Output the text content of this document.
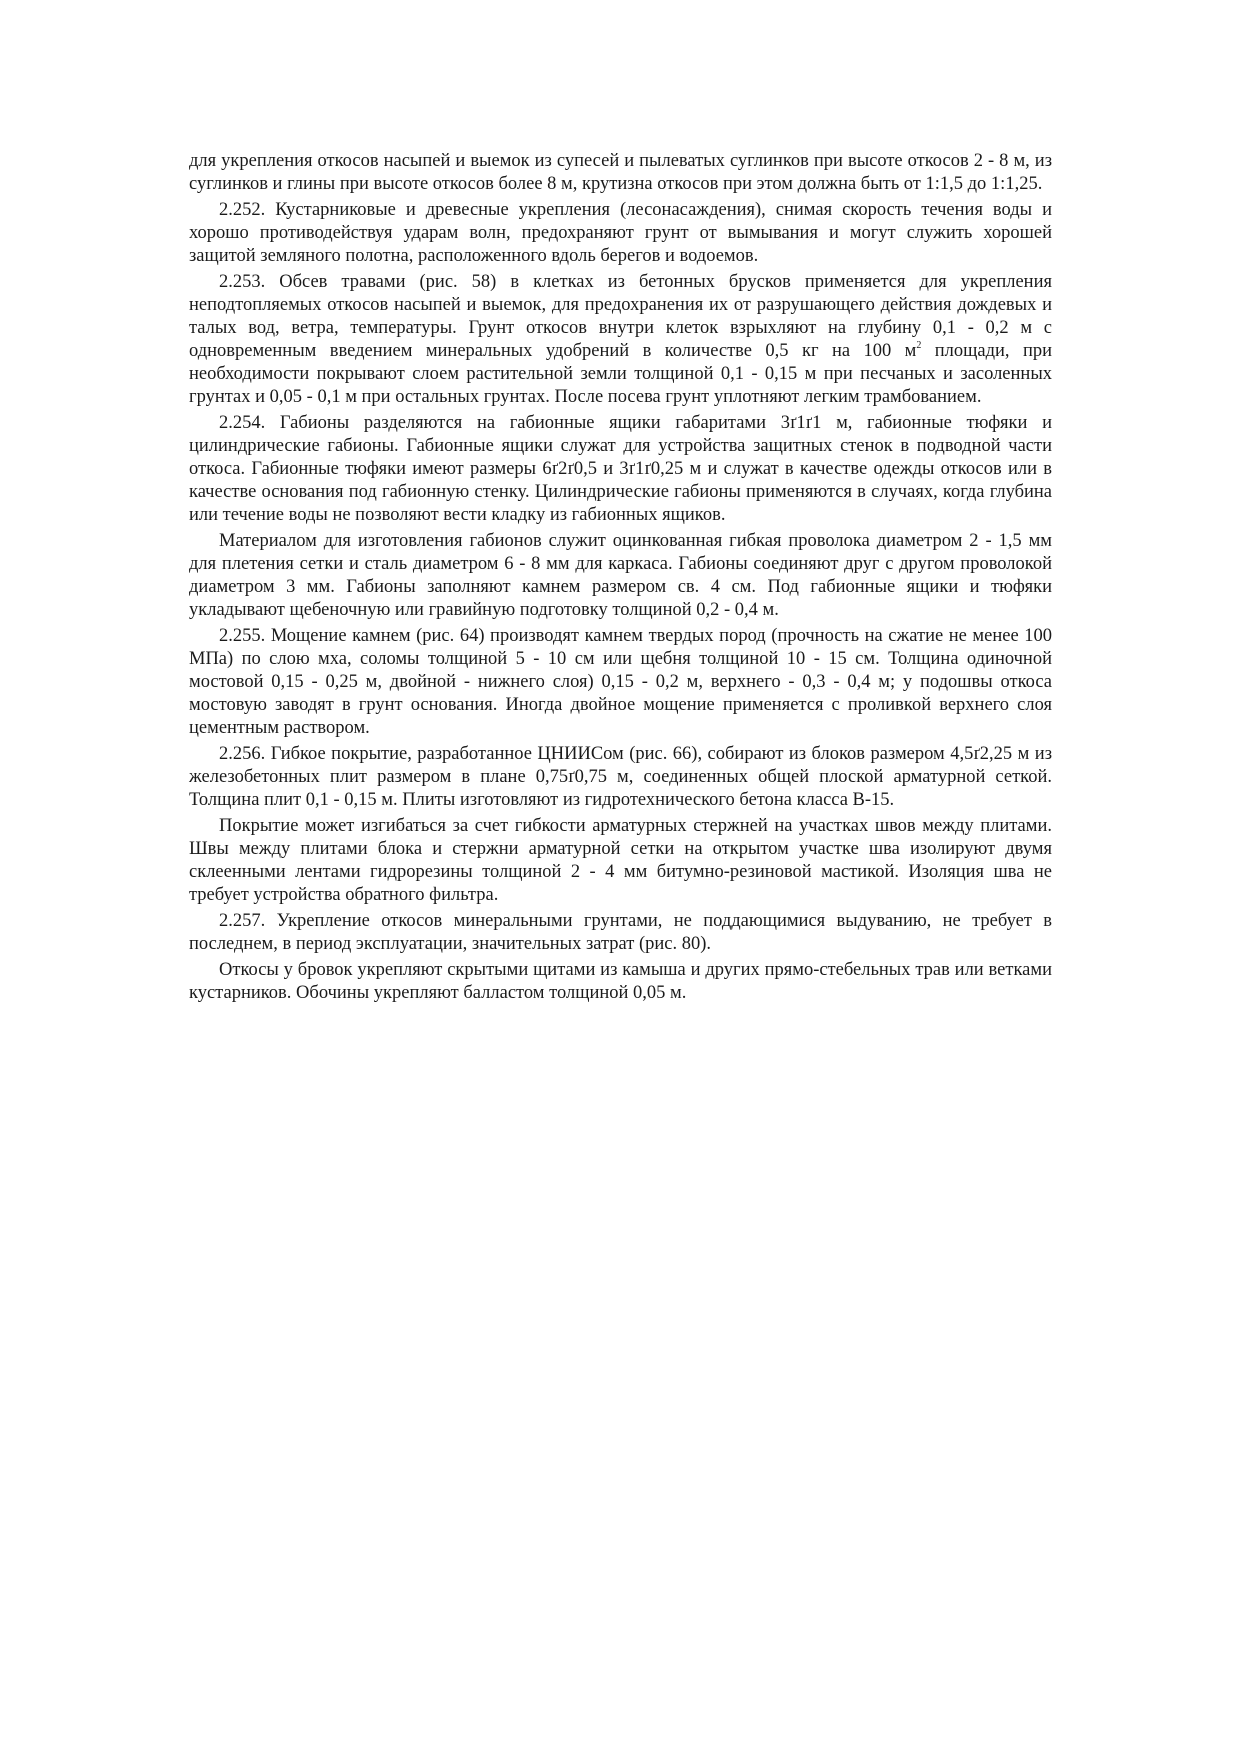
для укрепления откосов насыпей и выемок из супесей и пылеватых суглинков при высоте откосов 2 - 8 м, из суглинков и глины при высоте откосов более 8 м, крутизна откосов при этом должна быть от 1:1,5 до 1:1,25.

2.252. Кустарниковые и древесные укрепления (лесонасаждения), снимая скорость течения воды и хорошо противодействуя ударам волн, предохраняют грунт от вымывания и могут служить хорошей защитой земляного полотна, расположенного вдоль берегов и водоемов.

2.253. Обсев травами (рис. 58) в клетках из бетонных брусков применяется для укрепления неподтопляемых откосов насыпей и выемок, для предохранения их от разрушающего действия дождевых и талых вод, ветра, температуры. Грунт откосов внутри клеток взрыхляют на глубину 0,1 - 0,2 м с одновременным введением минеральных удобрений в количестве 0,5 кг на 100 $м^2$ площади, при необходимости покрывают слоем растительной земли толщиной 0,1 - 0,15 м при песчаных и засоленных грунтах и 0,05 - 0,1 м при остальных грунтах. После посева грунт уплотняют легким трамбованием.

2.254. Габионы разделяются на габионные ящики габаритами 3ґ1ґ1 м, габионные тюфяки и цилиндрические габионы. Габионные ящики служат для устройства защитных стенок в подводной части откоса. Габионные тюфяки имеют размеры 6ґ2ґ0,5 и 3ґ1ґ0,25 м и служат в качестве одежды откосов или в качестве основания под габионную стенку. Цилиндрические габионы применяются в случаях, когда глубина или течение воды не позволяют вести кладку из габионных ящиков.

Материалом для изготовления габионов служит оцинкованная гибкая проволока диаметром 2 - 1,5 мм для плетения сетки и сталь диаметром 6 - 8 мм для каркаса. Габионы соединяют друг с другом проволокой диаметром 3 мм. Габионы заполняют камнем размером св. 4 см. Под габионные ящики и тюфяки укладывают щебеночную или гравийную подготовку толщиной 0,2 - 0,4 м.

2.255. Мощение камнем (рис. 64) производят камнем твердых пород (прочность на сжатие не менее 100 МПа) по слою мха, соломы толщиной 5 - 10 см или щебня толщиной 10 - 15 см. Толщина одиночной мостовой 0,15 - 0,25 м, двойной - нижнего слоя) 0,15 - 0,2 м, верхнего - 0,3 - 0,4 м; у подошвы откоса мостовую заводят в грунт основания. Иногда двойное мощение применяется с проливкой верхнего слоя цементным раствором.

2.256. Гибкое покрытие, разработанное ЦНИИСом (рис. 66), собирают из блоков размером 4,5ґ2,25 м из железобетонных плит размером в плане 0,75ґ0,75 м, соединенных общей плоской арматурной сеткой. Толщина плит 0,1 - 0,15 м. Плиты изготовляют из гидротехнического бетона класса В-15.

Покрытие может изгибаться за счет гибкости арматурных стержней на участках швов между плитами. Швы между плитами блока и стержни арматурной сетки на открытом участке шва изолируют двумя склеенными лентами гидрорезины толщиной 2 - 4 мм битумно-резиновой мастикой. Изоляция шва не требует устройства обратного фильтра.

2.257. Укрепление откосов минеральными грунтами, не поддающимися выдуванию, не требует в последнем, в период эксплуатации, значительных затрат (рис. 80).

Откосы у бровок укрепляют скрытыми щитами из камыша и других прямо-стебельных трав или ветками кустарников. Обочины укрепляют балластом толщиной 0,05 м.
